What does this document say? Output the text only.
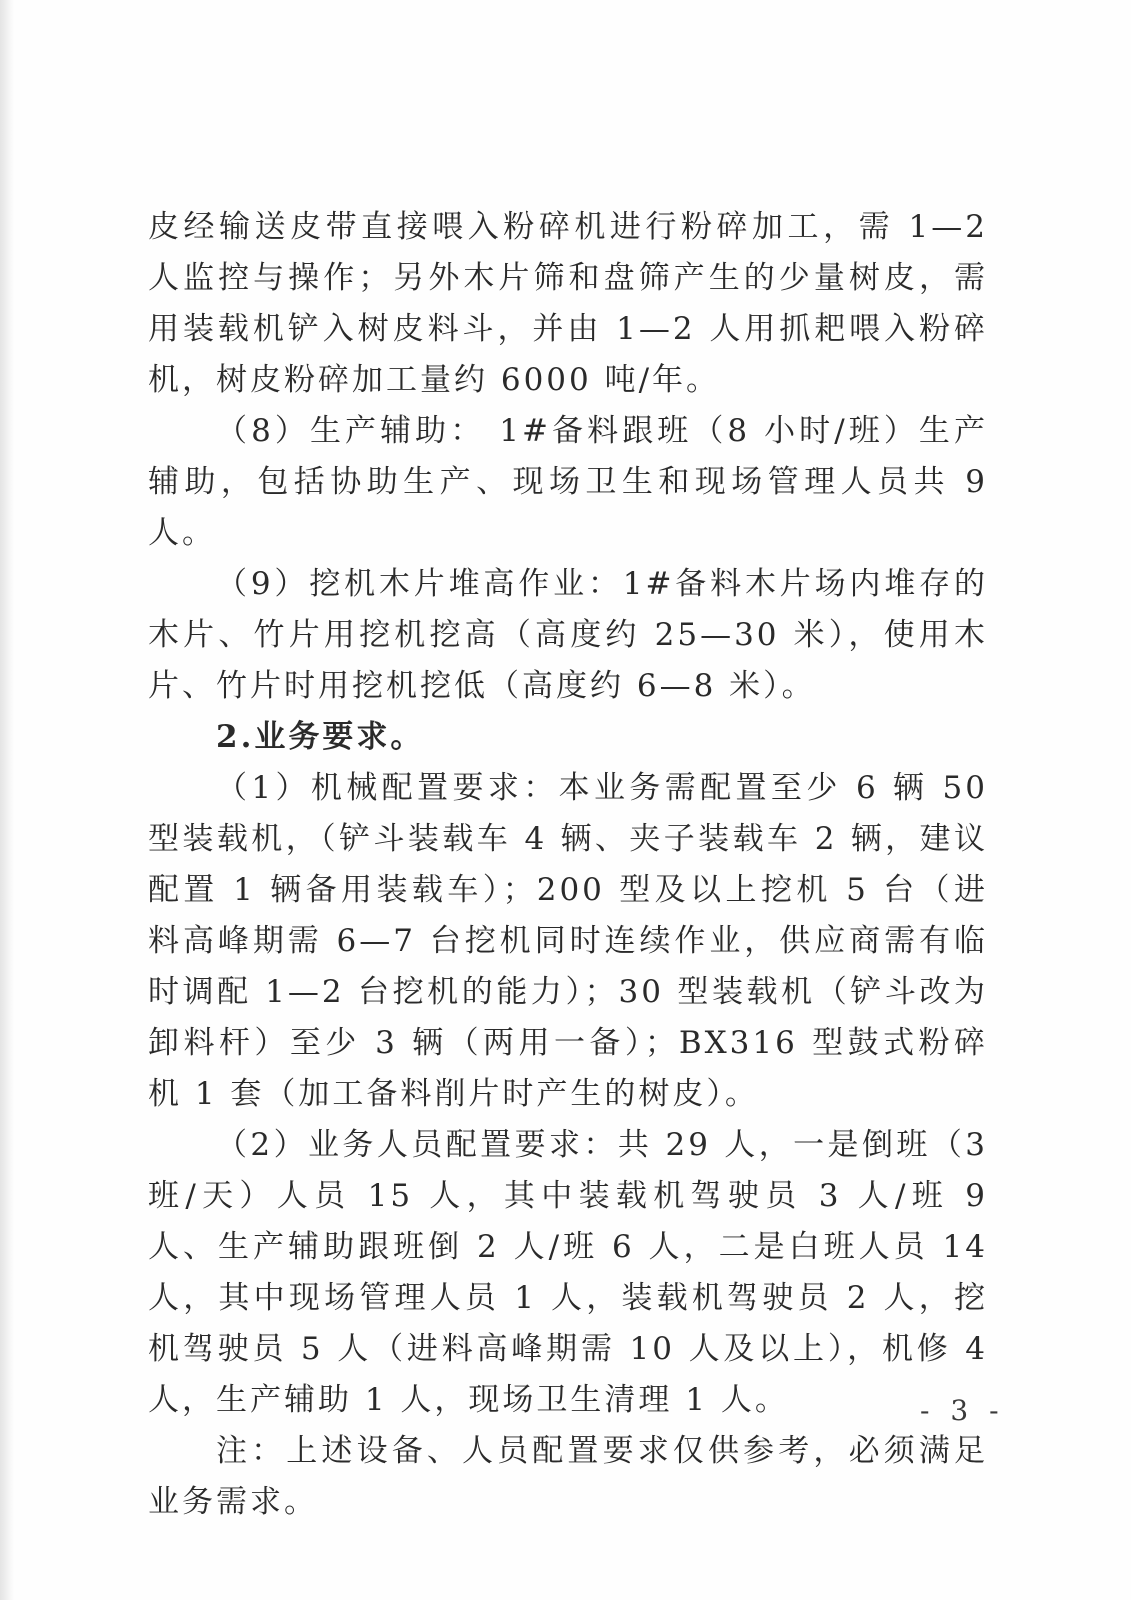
皮经输送皮带直接喂入粉碎机进行粉碎加工，需 1—2 人监控与操作；另外木片筛和盘筛产生的少量树皮，需用装载机铲入树皮料斗，并由 1—2 人用抓耙喂入粉碎机，树皮粉碎加工量约 6000 吨/年。

（8）生产辅助： 1#备料跟班（8 小时/班）生产辅助，包括协助生产、现场卫生和现场管理人员共 9 人。

（9）挖机木片堆高作业：1#备料木片场内堆存的木片、竹片用挖机挖高（高度约 25—30 米），使用木片、竹片时用挖机挖低（高度约 6—8 米）。

2.业务要求。

（1）机械配置要求：本业务需配置至少 6 辆 50 型装载机，（铲斗装载车 4 辆、夹子装载车 2 辆，建议配置 1 辆备用装载车）；200 型及以上挖机 5 台（进料高峰期需 6—7 台挖机同时连续作业，供应商需有临时调配 1—2 台挖机的能力）；30 型装载机（铲斗改为卸料杆）至少 3 辆（两用一备）；BX316 型鼓式粉碎机 1 套（加工备料削片时产生的树皮）。

（2）业务人员配置要求：共 29 人，一是倒班（3 班/天）人员 15 人，其中装载机驾驶员 3 人/班 9 人、生产辅助跟班倒 2 人/班 6 人，二是白班人员 14 人，其中现场管理人员 1 人，装载机驾驶员 2 人，挖机驾驶员 5 人（进料高峰期需 10 人及以上），机修 4 人，生产辅助 1 人，现场卫生清理 1 人。

注：上述设备、人员配置要求仅供参考，必须满足业务需求。

- 3 -
